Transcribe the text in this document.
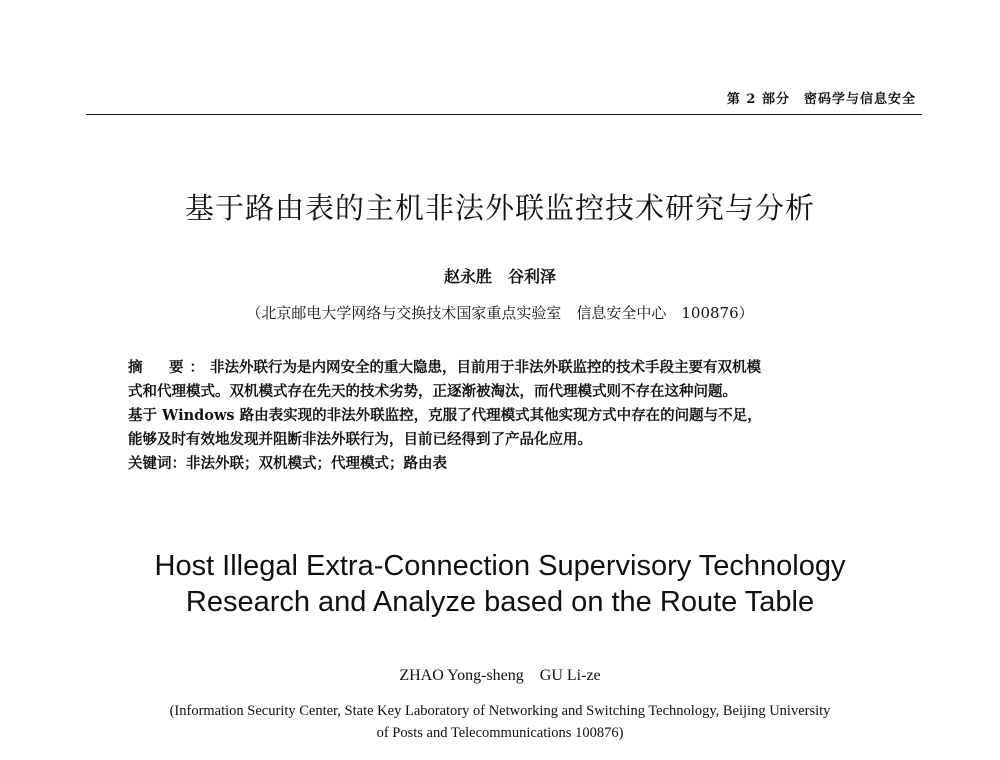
第 2 部分　密码学与信息安全
基于路由表的主机非法外联监控技术研究与分析
赵永胜　谷利泽
（北京邮电大学网络与交换技术国家重点实验室　信息安全中心　100876）

摘　要：非法外联行为是内网安全的重大隐患，目前用于非法外联监控的技术手段主要有双机模

式和代理模式。双机模式存在先天的技术劣势，正逐渐被淘汰，而代理模式则不存在这种问题。

基于 Windows 路由表实现的非法外联监控，克服了代理模式其他实现方式中存在的问题与不足，

能够及时有效地发现并阻断非法外联行为，目前已经得到了产品化应用。

关键词：非法外联；双机模式；代理模式；路由表

Host Illegal Extra-Connection Supervisory Technology
Research and Analyze based on the Route Table
ZHAO Yong-sheng　GU Li-ze
(Information Security Center, State Key Laboratory of Networking and Switching Technology, Beijing University
of Posts and Telecommunications 100876)
